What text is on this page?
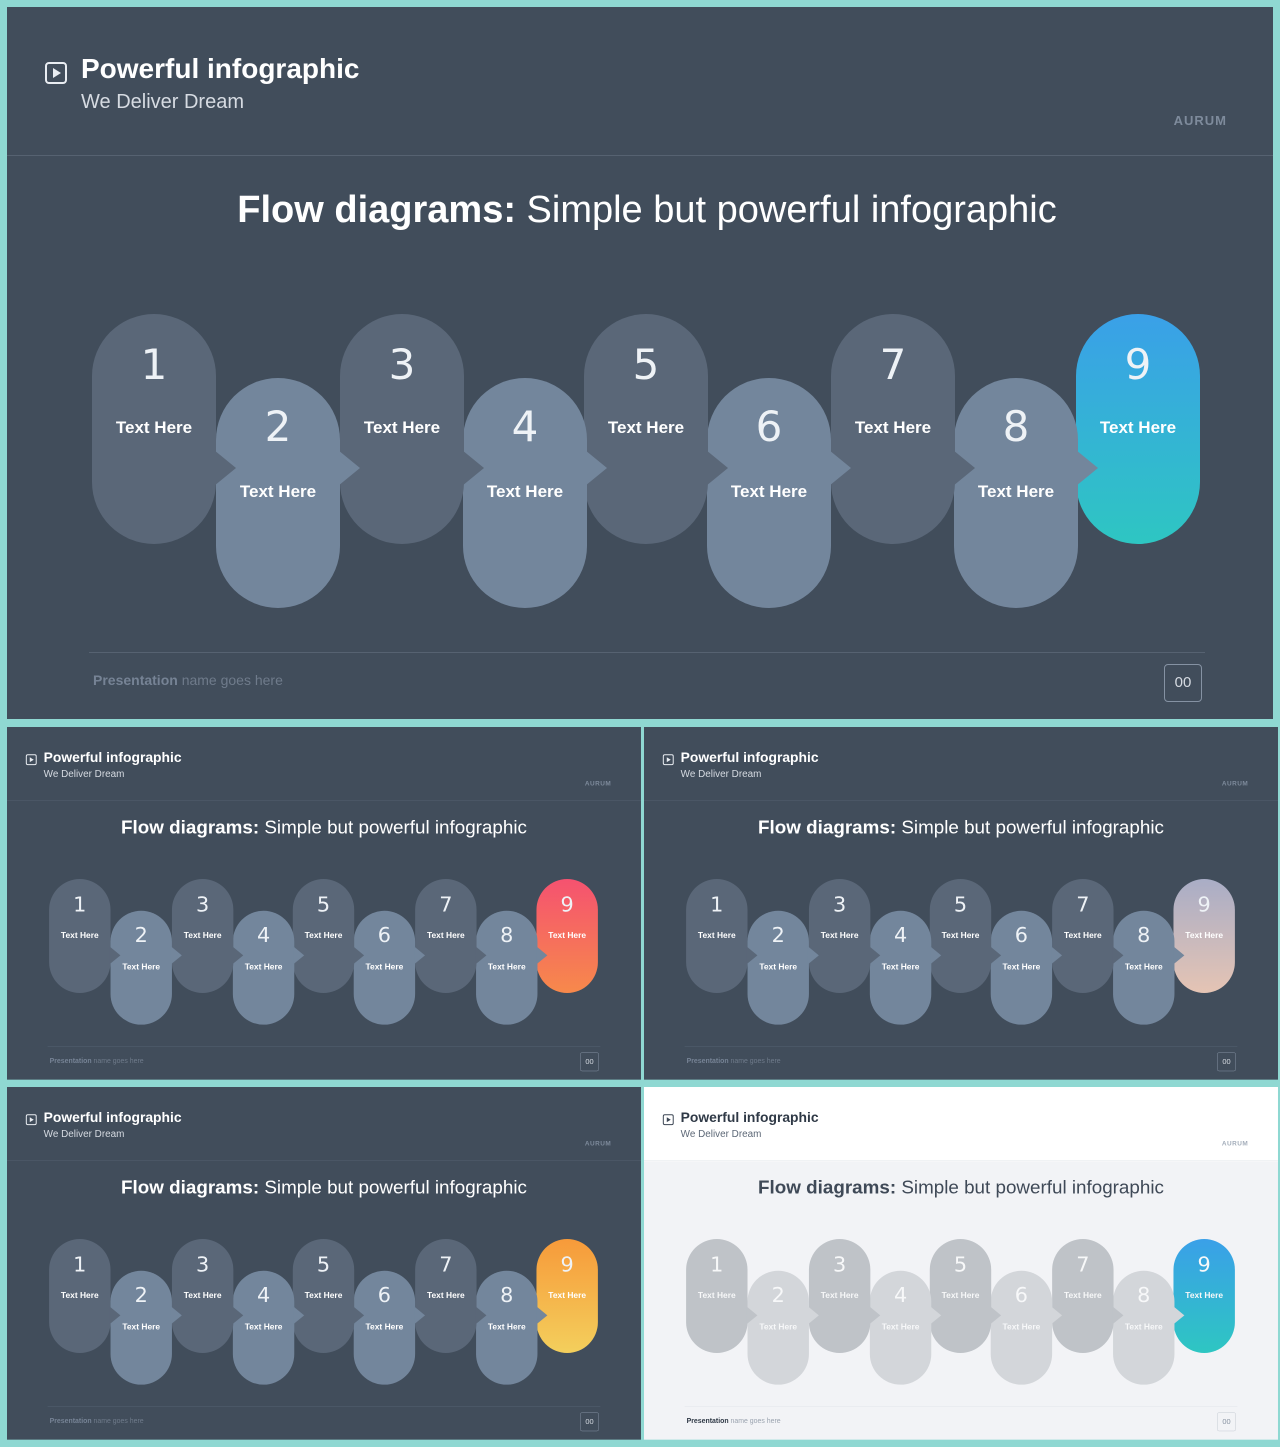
Powerful infographic
We Deliver Dream
AURUM
Flow diagrams: Simple but powerful infographic
1
Text Here	2
Text Here
3
Text Here	4
Text Here
5
Text Here	6
Text Here
7
Text Here	8
Text Here
9
Text Here
Presentation name goes here	00
Powerful infographic
We Deliver Dream
AURUM
Flow diagrams: Simple but powerful infographic
1
Text Here 2
Text Here
3
Text Here 4
Text Here
5
Text Here 6
Text Here
7
Text Here 8
Text Here
9
Text Here
Presentation name goes here	00
Powerful infographic
We Deliver Dream
AURUM
Flow diagrams: Simple but powerful infographic
1
Text Here 2
Text Here
3
Text Here 4
Text Here
5
Text Here 6
Text Here
7
Text Here 8
Text Here
9
Text Here
Presentation name goes here	00
Powerful infographic
We Deliver Dream
AURUM
Flow diagrams: Simple but powerful infographic
1
Text Here 2
Text Here
3
Text Here 4
Text Here
5
Text Here 6
Text Here
7
Text Here 8
Text Here
9
Text Here
Presentation name goes here	00
Powerful infographic
We Deliver Dream
AURUM
Flow diagrams: Simple but powerful infographic
1
Text Here 2
Text Here
3
Text Here 4
Text Here
5
Text Here 6
Text Here
7
Text Here 8
Text Here
9
Text Here
Presentation name goes here	00
